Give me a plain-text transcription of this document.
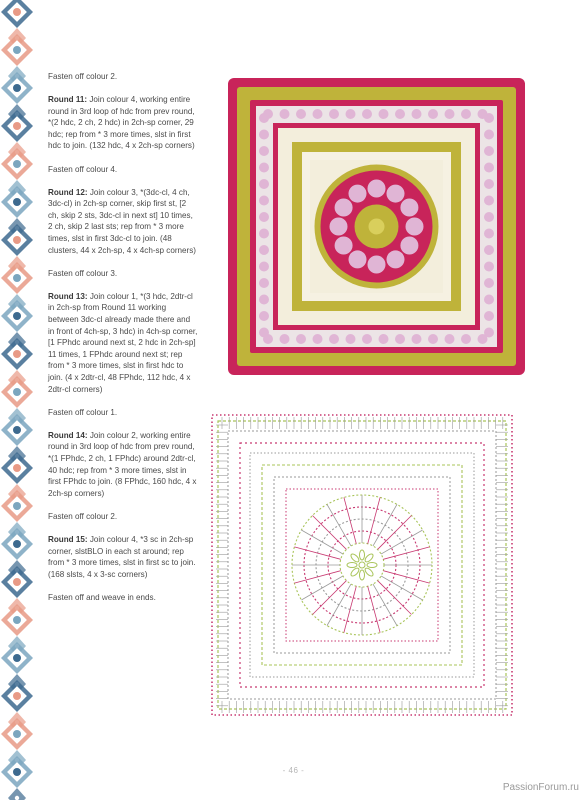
Fasten off colour 2.

Round 11: Join colour 4, working entire round in 3rd loop of hdc from prev round, *(2 hdc, 2 ch, 2 hdc) in 2ch-sp corner, 29 hdc; rep from * 3 more times, slst in first hdc to join. (132 hdc, 4 x 2ch-sp corners)

Fasten off colour 4.

Round 12: Join colour 3, *(3dc-cl, 4 ch, 3dc-cl) in 2ch-sp corner, skip first st, [2 ch, skip 2 sts, 3dc-cl in next st] 10 times, 2 ch, skip 2 last sts; rep from * 3 more times, slst in first 3dc-cl to join. (48 clusters, 44 x 2ch-sp, 4 x 4ch-sp corners)

Fasten off colour 3.

Round 13: Join colour 1, *(3 hdc, 2dtr-cl in 2ch-sp from Round 11 working between 3dc-cl already made there and in front of 4ch-sp, 3 hdc) in 4ch-sp corner, [1 FPhdc around next st, 2 hdc in 2ch-sp] 11 times, 1 FPhdc around next st; rep from * 3 more times, slst in first hdc to join. (4 x 2dtr-cl, 48 FPhdc, 112 hdc, 4 x 2dtr-cl corners)

Fasten off colour 1.

Round 14: Join colour 2, working entire round in 3rd loop of hdc from prev round, *(1 FPhdc, 2 ch, 1 FPhdc) around 2dtr-cl, 40 hdc; rep from * 3 more times, slst in first FPhdc to join. (8 FPhdc, 160 hdc, 4 x 2ch-sp corners)

Fasten off colour 2.

Round 15: Join colour 4, *3 sc in 2ch-sp corner, slstBLO in each st around; rep from * 3 more times, slst in first sc to join. (168 slsts, 4 x 3-sc corners)

Fasten off and weave in ends.

- 46 -
PassionForum.ru
